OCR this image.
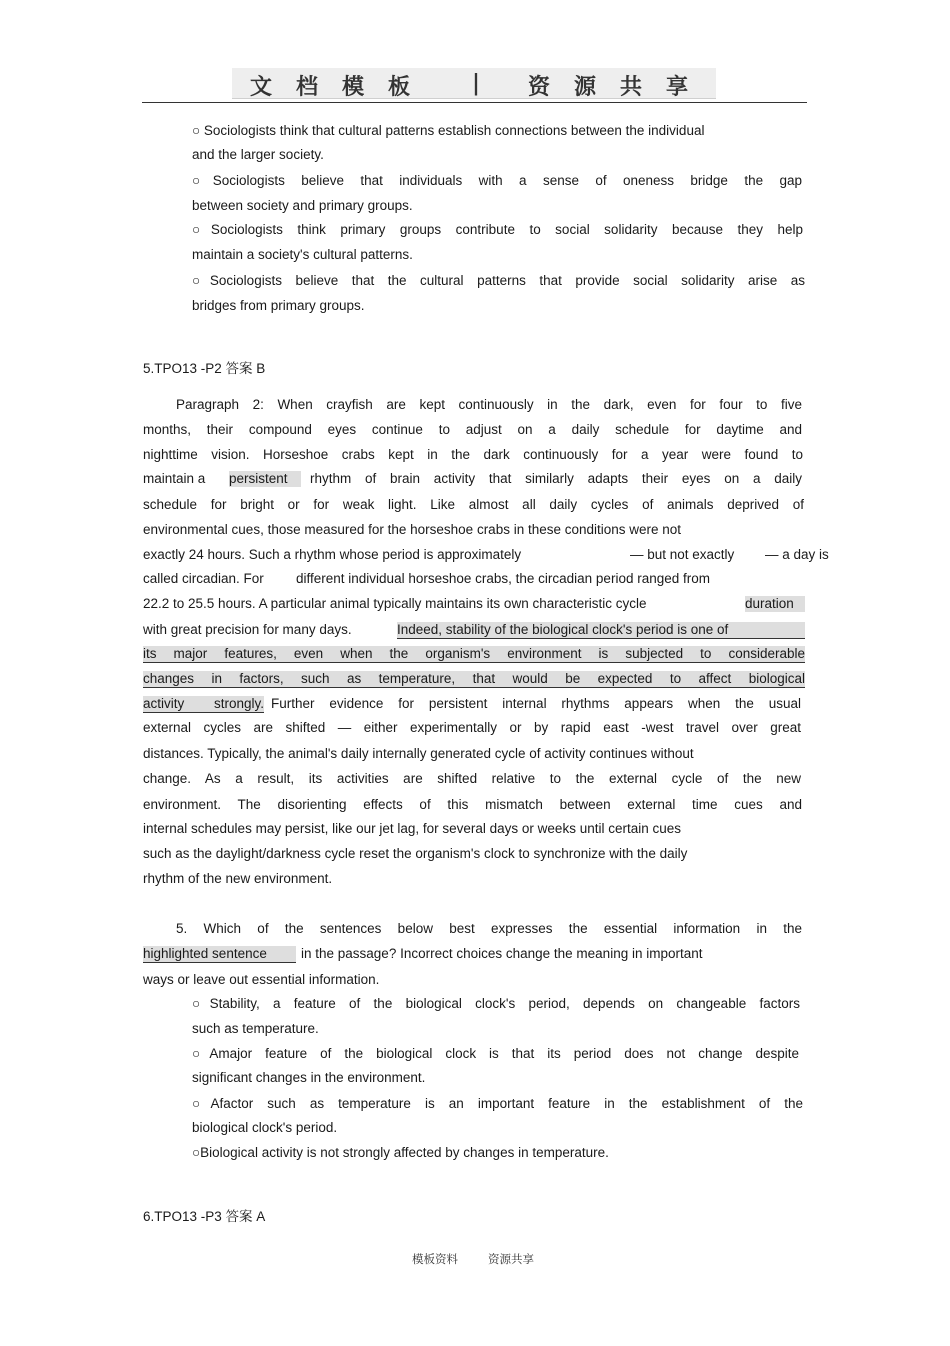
文档模板 | 资源共享
○ Sociologists think that cultural patterns establish connections between the individual
and the larger society.
○Sociologists believe that individuals with a sense of oneness bridge the gap
between society and primary groups.
○Sociologists think primary groups contribute to social solidarity because they help
maintain a society's cultural patterns.
○Sociologists believe that the cultural patterns that provide social solidarity arise as
bridges from primary groups.
5.TPO13 -P2 答案 B
Paragraph 2: When crayfish are kept continuously in the dark, even for four to five
months, their compound eyes continue to adjust on a daily schedule for daytime and
nighttime vision. Horseshoe crabs kept in the dark continuously for a year were found to
maintain a persistent	rhythm of brain activity that similarly adapts their eyes on a daily
schedule for bright or for weak light. Like almost all daily cycles of animals deprived of
environmental cues, those measured for the horseshoe crabs in these conditions were not
exactly 24 hours. Such a rhythm whose period is approximately	— but not exactly — a day is
called circadian. For different individual horseshoe crabs, the circadian period ranged from
22.2 to 25.5 hours. A particular animal typically maintains its own characteristic cycle	duration
with great precision for many days.	Indeed, stability of the biological clock's period is one of
its major features, even when the organism's environment is subjected to considerable
changes in factors, such as temperature, that would be expected to affect biological
activity strongly. Further evidence for persistent internal rhythms appears when the usual
external cycles are shifted — either experimentally or by rapid east -west travel over great
distances. Typically, the animal's daily internally generated cycle of activity continues without
change. As a result, its activities are shifted relative to the external cycle of the new
environment. The disorienting effects of this mismatch between external time cues and
internal schedules may persist, like our jet lag, for several days or weeks until certain cues
such as the daylight/darkness cycle reset the organism's clock to synchronize with the daily
rhythm of the new environment.
5. Which of the sentences below best expresses the essential information in the
highlighted sentence	in the passage? Incorrect choices change the meaning in important
ways or leave out essential information.
○Stability, a feature of the biological clock's period, depends on changeable factors
such as temperature.
○Amajor feature of the biological clock is that its period does not change despite
significant changes in the environment.
○Afactor such as temperature is an important feature in the establishment of the
biological clock's period.
○Biological activity is not strongly affected by changes in temperature.
6.TPO13 -P3 答案 A
模板资料	资源共享
